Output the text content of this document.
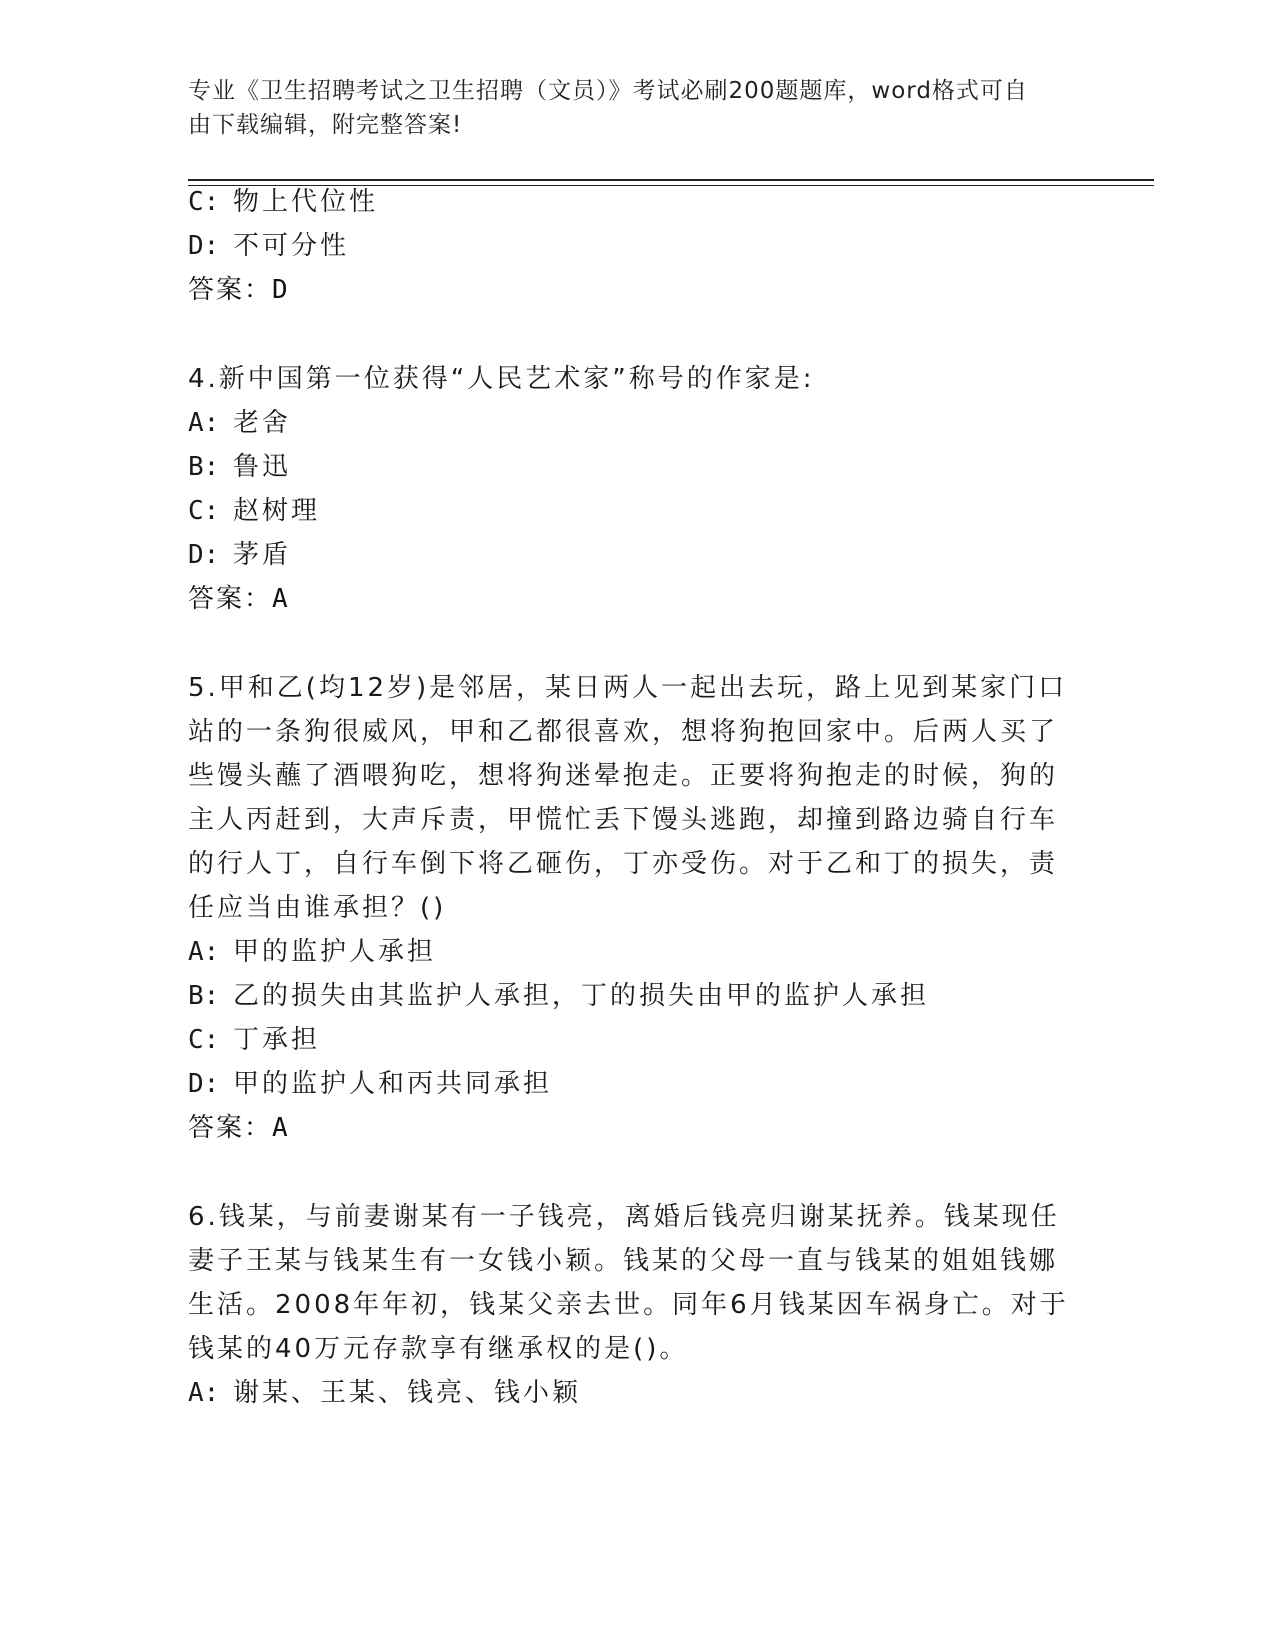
专业《卫生招聘考试之卫生招聘（文员）》考试必刷200题题库，word格式可自
由下载编辑，附完整答案!
C: 物上代位性
D: 不可分性
答案：D
4.新中国第一位获得“人民艺术家”称号的作家是:
A: 老舍
B: 鲁迅
C: 赵树理
D: 茅盾
答案：A
5.甲和乙(均12岁)是邻居，某日两人一起出去玩，路上见到某家门口
站的一条狗很威风，甲和乙都很喜欢，想将狗抱回家中。后两人买了
些馒头蘸了酒喂狗吃，想将狗迷晕抱走。正要将狗抱走的时候，狗的
主人丙赶到，大声斥责，甲慌忙丢下馒头逃跑，却撞到路边骑自行车
的行人丁，自行车倒下将乙砸伤，丁亦受伤。对于乙和丁的损失，责
任应当由谁承担？()
A: 甲的监护人承担
B: 乙的损失由其监护人承担，丁的损失由甲的监护人承担
C: 丁承担
D: 甲的监护人和丙共同承担
答案：A
6.钱某，与前妻谢某有一子钱亮，离婚后钱亮归谢某抚养。钱某现任
妻子王某与钱某生有一女钱小颖。钱某的父母一直与钱某的姐姐钱娜
生活。2008年年初，钱某父亲去世。同年6月钱某因车祸身亡。对于
钱某的40万元存款享有继承权的是()。
A: 谢某、王某、钱亮、钱小颖
